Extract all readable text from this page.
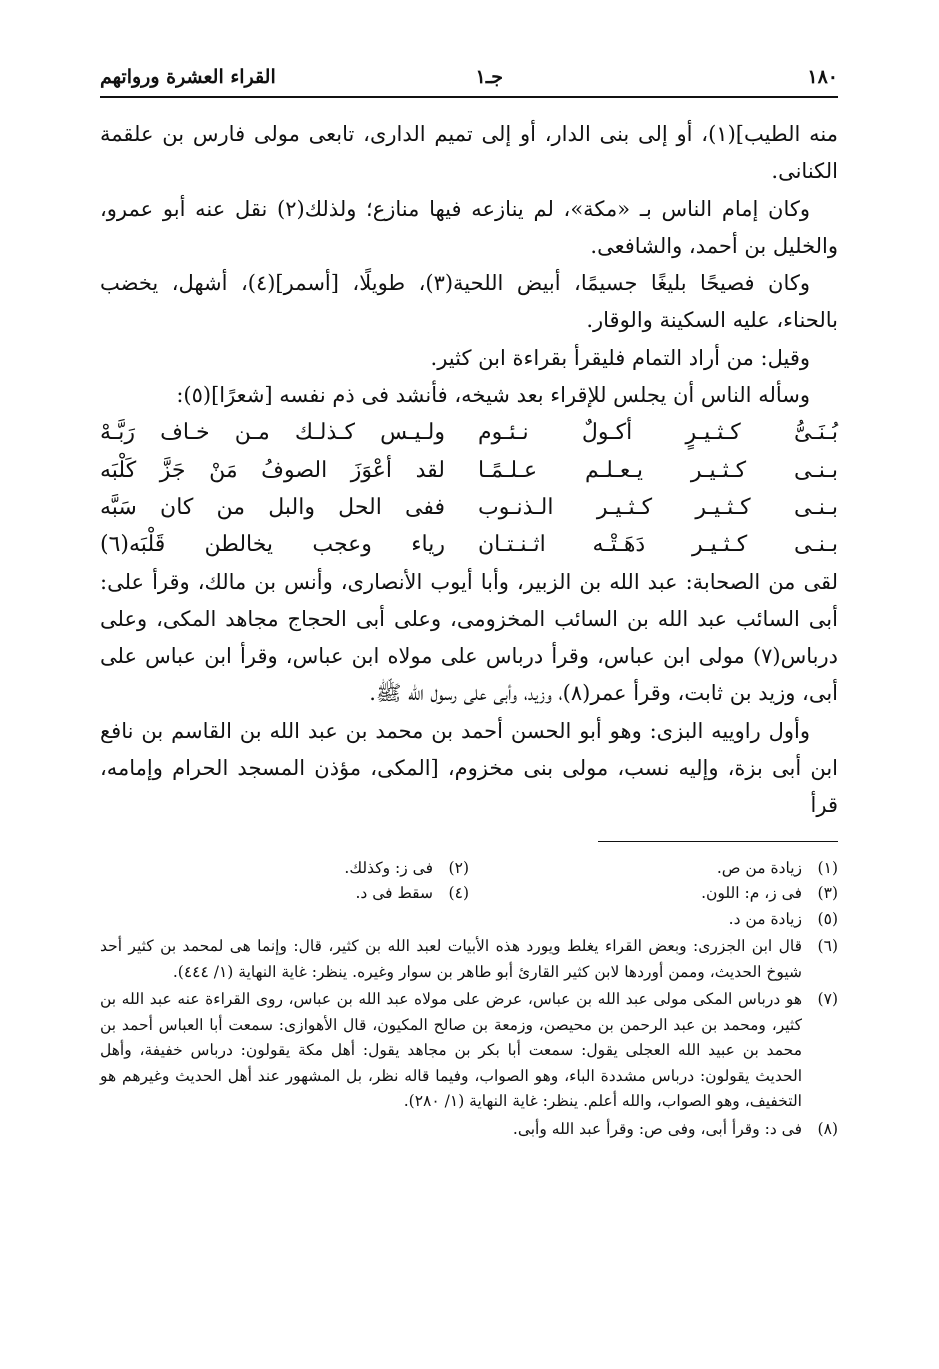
١٨٠
جـ١
القراء العشرة ورواتهم

منه الطيب](١)، أو إلى بنى الدار، أو إلى تميم الدارى، تابعى مولى فارس بن علقمة الكنانى.

وكان إمام الناس بـ «مكة»، لم ينازعه فيها منازع؛ ولذلك(٢) نقل عنه أبو عمرو، والخليل بن أحمد، والشافعى.

وكان فصيحًا بليغًا جسيمًا، أبيض اللحية(٣)، طويلًا، [أسمر](٤)، أشهل، يخضب بالحناء، عليه السكينة والوقار.

وقيل: من أراد التمام فليقرأ بقراءة ابن كثير.

وسأله الناس أن يجلس للإقراء بعد شيخه، فأنشد فى ذم نفسه [شعرًا](٥):

بُـنَـىُّ كـثـيـرٍ أكـولٌ نـئـوم
ولـيـس كـذلـك مـن خـاف رَبَّـهْ
بـنـى كـثـيـر يـعـلـم عـلـمًـا
لقد أعْوَزَ الصوفُ مَنْ جَزَّ كَلْبَه
بـنـى كـثـيـر كـثـيـر الـذنـوب
ففى الحل والبل من كان سَبَّه
بـنـى كـثـيـر دَهَـتْـه اثـنـتـان
رياء وعجب يخالطن قَلْبَه(٦)

لقى من الصحابة: عبد الله بن الزبير، وأبا أيوب الأنصارى، وأنس بن مالك، وقرأ على: أبى السائب عبد الله بن السائب المخزومى، وعلى أبى الحجاج مجاهد المكى، وعلى درباس(٧) مولى ابن عباس، وقرأ درباس على مولاه ابن عباس، وقرأ ابن عباس على أبى، وزيد بن ثابت، وقرأ عمر(٨)، وزيد، وأبى على رسول الله ﷺ.

وأول راوييه البزى: وهو أبو الحسن أحمد بن محمد بن عبد الله بن القاسم بن نافع ابن أبى بزة، وإليه نسب، مولى بنى مخزوم، [المكى، مؤذن المسجد الحرام وإمامه، قرأ

(١)
زيادة من ص.
(٢)
فى ز: وكذلك.
(٣)
فى ز، م: اللون.
(٤)
سقط فى د.
(٥)
زيادة من د.
(٦)
قال ابن الجزرى: وبعض القراء يغلط ويورد هذه الأبيات لعبد الله بن كثير، قال: وإنما هى لمحمد بن كثير أحد شيوخ الحديث، وممن أوردها لابن كثير القارئ أبو طاهر بن سوار وغيره. ينظر: غاية النهاية (١/ ٤٤٤).
(٧)
هو درباس المكى مولى عبد الله بن عباس، عرض على مولاه عبد الله بن عباس، روى القراءة عنه عبد الله بن كثير، ومحمد بن عبد الرحمن بن محيصن، وزمعة بن صالح المكيون، قال الأهوازى: سمعت أبا العباس أحمد بن محمد بن عبيد الله العجلى يقول: سمعت أبا بكر بن مجاهد يقول: أهل مكة يقولون: درباس خفيفة، وأهل الحديث يقولون: درباس مشددة الباء، وهو الصواب، وفيما قاله نظر، بل المشهور عند أهل الحديث وغيرهم هو التخفيف، وهو الصواب، والله أعلم. ينظر: غاية النهاية (١/ ٢٨٠).
(٨)
فى د: وقرأ أبى، وفى ص: وقرأ عبد الله وأبى.
